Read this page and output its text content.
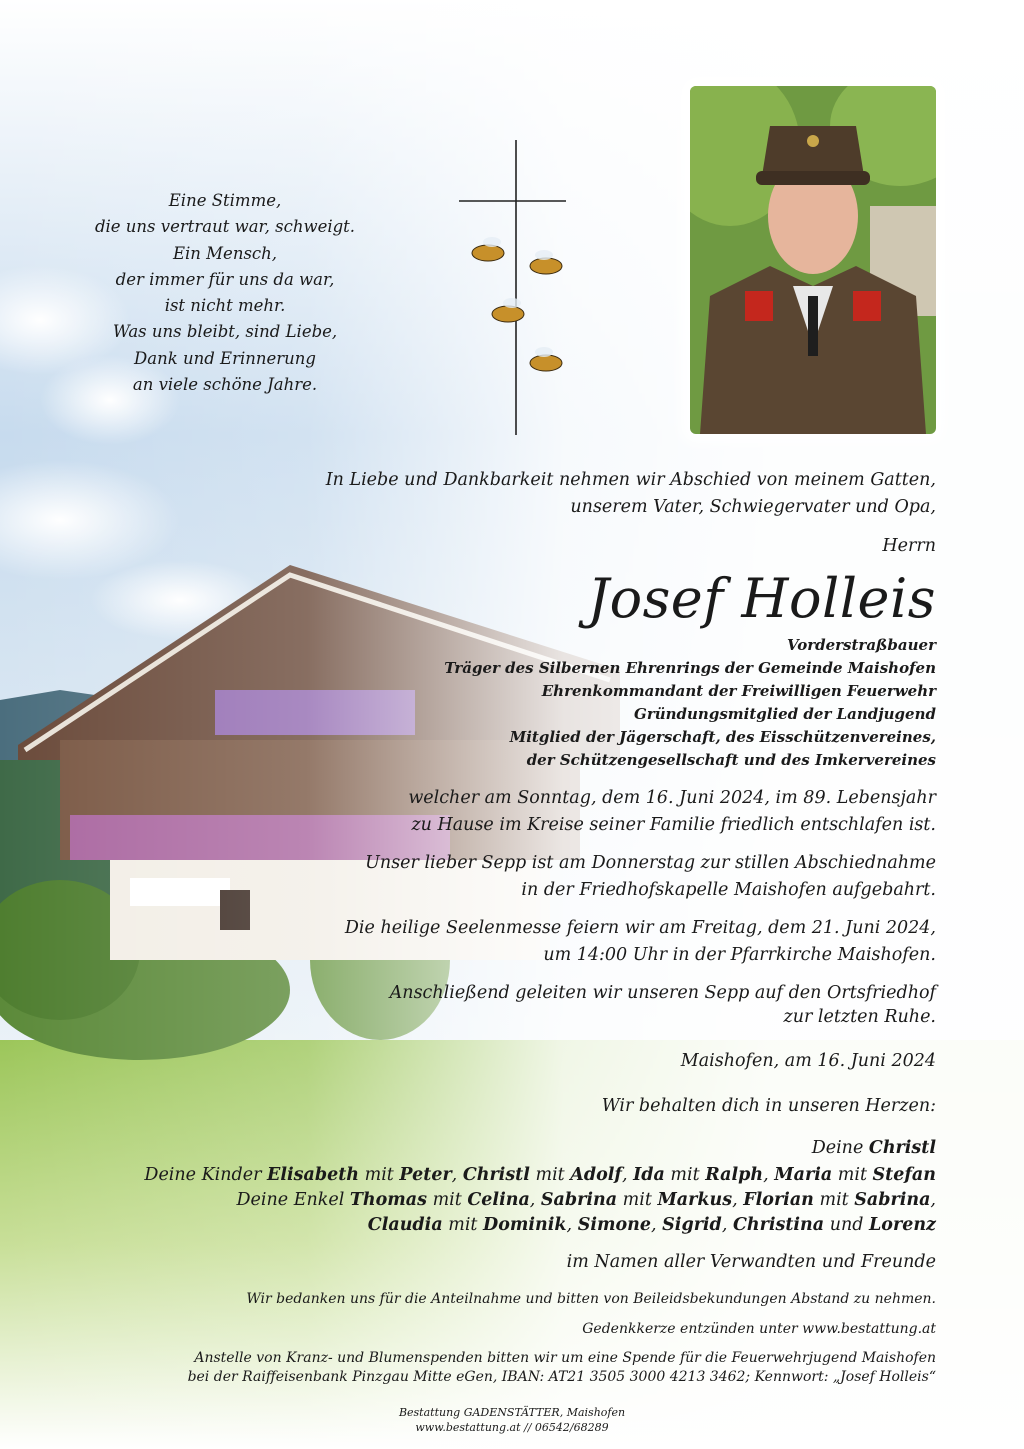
Eine Stimme,
die uns vertraut war, schweigt.
Ein Mensch,
der immer für uns da war,
ist nicht mehr.
Was uns bleibt, sind Liebe,
Dank und Erinnerung
an viele schöne Jahre.
In Liebe und Dankbarkeit nehmen wir Abschied von meinem Gatten,
unserem Vater, Schwiegervater und Opa,
Herrn
Josef Holleis
Vorderstraßbauer
Träger des Silbernen Ehrenrings der Gemeinde Maishofen
Ehrenkommandant der Freiwilligen Feuerwehr
Gründungsmitglied der Landjugend
Mitglied der Jägerschaft, des Eisschützenvereines,
der Schützengesellschaft und des Imkervereines
welcher am Sonntag, dem 16. Juni 2024, im 89. Lebensjahr
zu Hause im Kreise seiner Familie friedlich entschlafen ist.
Unser lieber Sepp ist am Donnerstag zur stillen Abschiednahme
in der Friedhofskapelle Maishofen aufgebahrt.
Die heilige Seelenmesse feiern wir am Freitag, dem 21. Juni 2024,
um 14:00 Uhr in der Pfarrkirche Maishofen.
Anschließend geleiten wir unseren Sepp auf den Ortsfriedhof
zur letzten Ruhe.
Maishofen, am 16. Juni 2024
Wir behalten dich in unseren Herzen:
Deine Christl
Deine Kinder Elisabeth mit Peter, Christl mit Adolf, Ida mit Ralph, Maria mit Stefan
Deine Enkel Thomas mit Celina, Sabrina mit Markus, Florian mit Sabrina,
Claudia mit Dominik, Simone, Sigrid, Christina und Lorenz
im Namen aller Verwandten und Freunde
Wir bedanken uns für die Anteilnahme und bitten von Beileidsbekundungen Abstand zu nehmen.
Gedenkkerze entzünden unter www.bestattung.at
Anstelle von Kranz- und Blumenspenden bitten wir um eine Spende für die Feuerwehrjugend Maishofen
bei der Raiffeisenbank Pinzgau Mitte eGen, IBAN: AT21 3505 3000 4213 3462; Kennwort: „Josef Holleis“
Bestattung GADENSTÄTTER, Maishofen
www.bestattung.at // 06542/68289
